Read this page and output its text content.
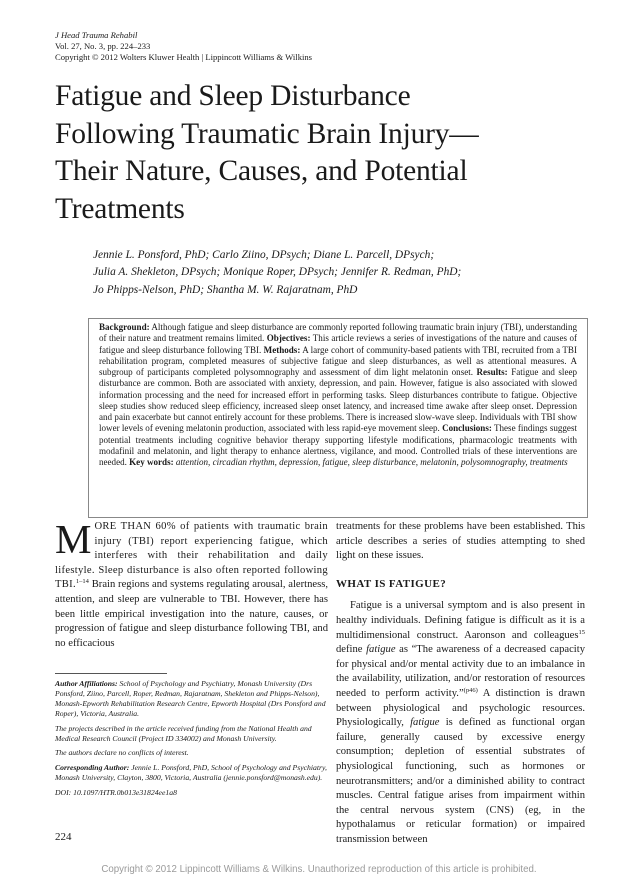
J Head Trauma Rehabil
Vol. 27, No. 3, pp. 224–233
Copyright © 2012 Wolters Kluwer Health | Lippincott Williams & Wilkins
Fatigue and Sleep Disturbance
Following Traumatic Brain Injury—
Their Nature, Causes, and Potential
Treatments
Jennie L. Ponsford, PhD; Carlo Ziino, DPsych; Diane L. Parcell, DPsych;
Julia A. Shekleton, DPsych; Monique Roper, DPsych; Jennifer R. Redman, PhD;
Jo Phipps-Nelson, PhD; Shantha M. W. Rajaratnam, PhD
Background: Although fatigue and sleep disturbance are commonly reported following traumatic brain injury (TBI), understanding of their nature and treatment remains limited. Objectives: This article reviews a series of investigations of the nature and causes of fatigue and sleep disturbance following TBI. Methods: A large cohort of community-based patients with TBI, recruited from a TBI rehabilitation program, completed measures of subjective fatigue and sleep disturbances, as well as attentional measures. A subgroup of participants completed polysomnography and assessment of dim light melatonin onset. Results: Fatigue and sleep disturbance are common. Both are associated with anxiety, depression, and pain. However, fatigue is also associated with slowed information processing and the need for increased effort in performing tasks. Sleep disturbances contribute to fatigue. Objective sleep studies show reduced sleep efficiency, increased sleep onset latency, and increased time awake after sleep onset. Depression and pain exacerbate but cannot entirely account for these problems. There is increased slow-wave sleep. Individuals with TBI show lower levels of evening melatonin production, associated with less rapid-eye movement sleep. Conclusions: These findings suggest potential treatments including cognitive behavior therapy supporting lifestyle modifications, pharmacologic treatments with modafinil and melatonin, and light therapy to enhance alertness, vigilance, and mood. Controlled trials of these interventions are needed. Key words: attention, circadian rhythm, depression, fatigue, sleep disturbance, melatonin, polysomnography, treatments
MORE THAN 60% of patients with traumatic brain injury (TBI) report experiencing fatigue, which interferes with their rehabilitation and daily lifestyle. Sleep disturbance is also often reported following TBI.$^{1-14}$ Brain regions and systems regulating arousal, alertness, attention, and sleep are vulnerable to TBI. However, there has been little empirical investigation into the nature, causes, or progression of fatigue and sleep disturbance following TBI, and no efficacious
treatments for these problems have been established. This article describes a series of studies attempting to shed light on these issues.
WHAT IS FATIGUE?
Fatigue is a universal symptom and is also present in healthy individuals. Defining fatigue is difficult as it is a multidimensional construct. Aaronson and colleagues$^{15}$ define fatigue as “The awareness of a decreased capacity for physical and/or mental activity due to an imbalance in the availability, utilization, and/or restoration of resources needed to perform activity.”$^{(p46)}$ A distinction is drawn between physiological and psychologic resources. Physiologically, fatigue is defined as functional organ failure, generally caused by excessive energy consumption; depletion of essential substrates of physiological functioning, such as hormones or neurotransmitters; and/or a diminished ability to contract muscles. Central fatigue arises from impairment within the central nervous system (CNS) (eg, in the hypothalamus or reticular formation) or impaired transmission between

Author Affiliations: School of Psychology and Psychiatry, Monash University (Drs Ponsford, Ziino, Parcell, Roper, Redman, Rajaratnam, Shekleton and Phipps-Nelson), Monash-Epworth Rehabilitation Research Centre, Epworth Hospital (Drs Ponsford and Roper), Victoria, Australia.

The projects described in the article received funding from the National Health and Medical Research Council (Project ID 334002) and Monash University.

The authors declare no conflicts of interest.

Corresponding Author: Jennie L. Ponsford, PhD, School of Psychology and Psychiatry, Monash University, Clayton, 3800, Victoria, Australia (jennie.ponsford@monash.edu).

DOI: 10.1097/HTR.0b013e31824ee1a8

224
Copyright © 2012 Lippincott Williams & Wilkins. Unauthorized reproduction of this article is prohibited.
